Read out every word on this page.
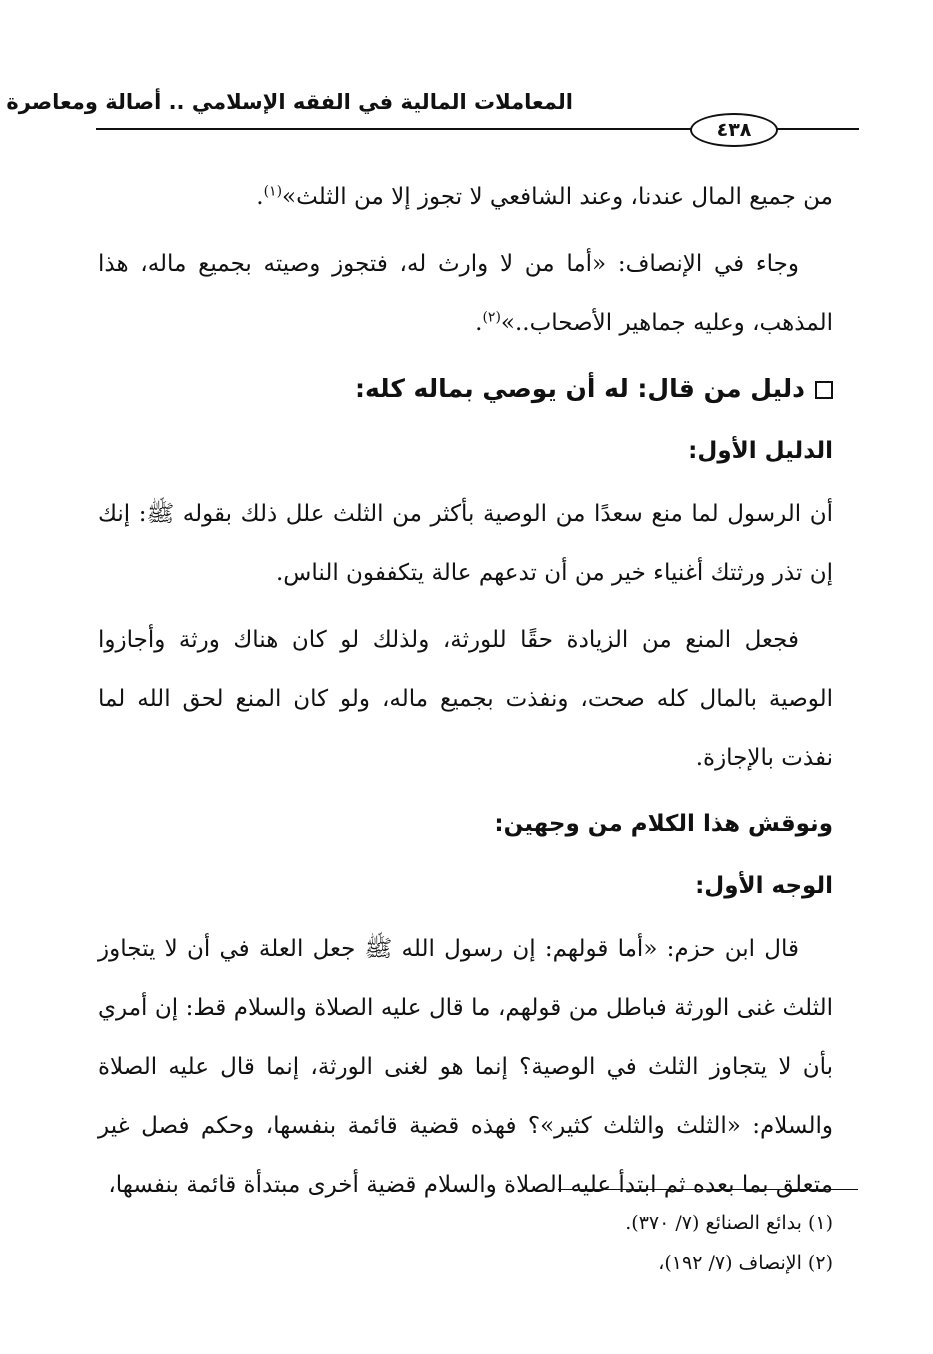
المعاملات المالية في الفقه الإسلامي .. أصالة ومعاصرة
٤٣٨

من جميع المال عندنا، وعند الشافعي لا تجوز إلا من الثلث»$^{(١)}$.

وجاء في الإنصاف: «أما من لا وارث له، فتجوز وصيته بجميع ماله، هذا المذهب، وعليه جماهير الأصحاب..»$^{(٢)}$.

دليل من قال: له أن يوصي بماله كله:
الدليل الأول:

أن الرسول لما منع سعدًا من الوصية بأكثر من الثلث علل ذلك بقوله ﷺ: إنك إن تذر ورثتك أغنياء خير من أن تدعهم عالة يتكففون الناس.

فجعل المنع من الزيادة حقًا للورثة، ولذلك لو كان هناك ورثة وأجازوا الوصية بالمال كله صحت، ونفذت بجميع ماله، ولو كان المنع لحق الله لما نفذت بالإجازة.

ونوقش هذا الكلام من وجهين:
الوجه الأول:

قال ابن حزم: «أما قولهم: إن رسول الله ﷺ جعل العلة في أن لا يتجاوز الثلث غنى الورثة فباطل من قولهم، ما قال عليه الصلاة والسلام قط: إن أمري بأن لا يتجاوز الثلث في الوصية؟ إنما هو لغنى الورثة، إنما قال عليه الصلاة والسلام: «الثلث والثلث كثير»؟ فهذه قضية قائمة بنفسها، وحكم فصل غير متعلق بما بعده ثم ابتدأ عليه الصلاة والسلام قضية أخرى مبتدأة قائمة بنفسها،

(١) بدائع الصنائع (٧/ ٣٧٠).
(٢) الإنصاف (٧/ ١٩٢)،
